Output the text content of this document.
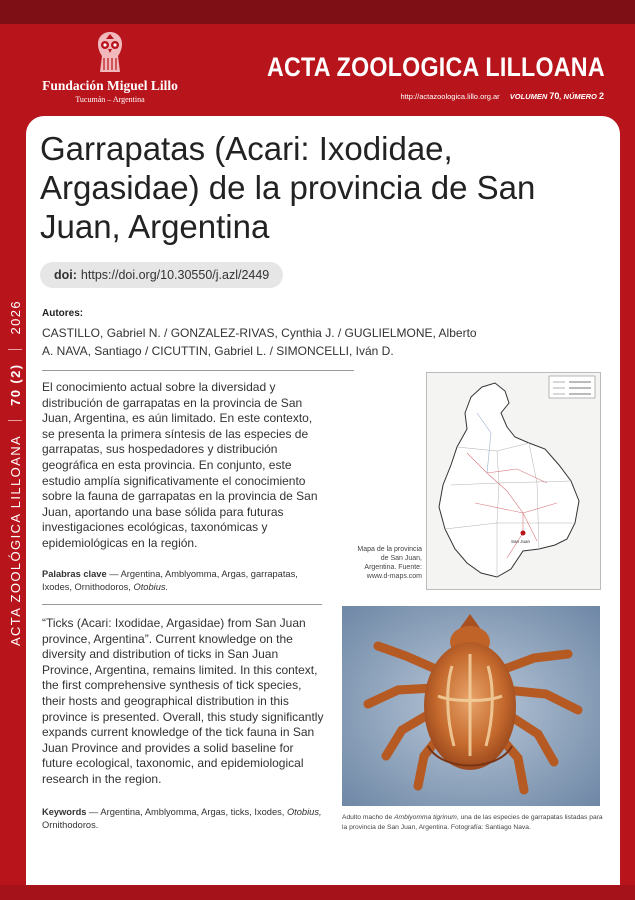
Fundación Miguel Lillo
Tucumán – Argentina
ACTA ZOOLOGICA LILLOANA
http://actazoologica.lillo.org.ar VOLUMEN 70, NÚMERO 2
ACTA ZOOLÓGICA LILLOANA
70 (2)
2026
Garrapatas (Acari: Ixodidae, Argasidae) de la provincia de San Juan, Argentina
doi: https://doi.org/10.30550/j.azl/2449
Autores:
CASTILLO, Gabriel N. / GONZALEZ-RIVAS, Cynthia J. / GUGLIELMONE, Alberto A. NAVA, Santiago / CICUTTIN, Gabriel L. / SIMONCELLI, Iván D.
El conocimiento actual sobre la diversidad y distribución de garrapatas en la provincia de San Juan, Argentina, es aún limitado. En este contexto, se presenta la primera síntesis de las especies de garrapatas, sus hospedadores y distribución geográfica en esta provincia. En conjunto, este estudio amplía significativamente el conocimiento sobre la fauna de garrapatas en la provincia de San Juan, aportando una base sólida para futuras investigaciones ecológicas, taxonómicas y epidemiológicas en la región.
Palabras clave — Argentina, Amblyomma, Argas, garrapatas, Ixodes, Ornithodoros, Otobius.
“Ticks (Acari: Ixodidae, Argasidae) from San Juan province, Argentina”. Current knowledge on the diversity and distribution of ticks in San Juan Province, Argentina, remains limited. In this context, the first comprehensive synthesis of tick species, their hosts and geographical distribution in this province is presented. Overall, this study significantly expands current knowledge of the tick fauna in San Juan Province and provides a solid baseline for future ecological, taxonomic, and epidemiological research in the region.
Keywords — Argentina, Amblyomma, Argas, ticks, Ixodes, Otobius, Ornithodoros.
San Juan
Mapa de la provincia de San Juan, Argentina. Fuente: www.d-maps.com
Adulto macho de Amblyomma tigrinum, una de las especies de garrapatas listadas para la provincia de San Juan, Argentina. Fotografía: Santiago Nava.
